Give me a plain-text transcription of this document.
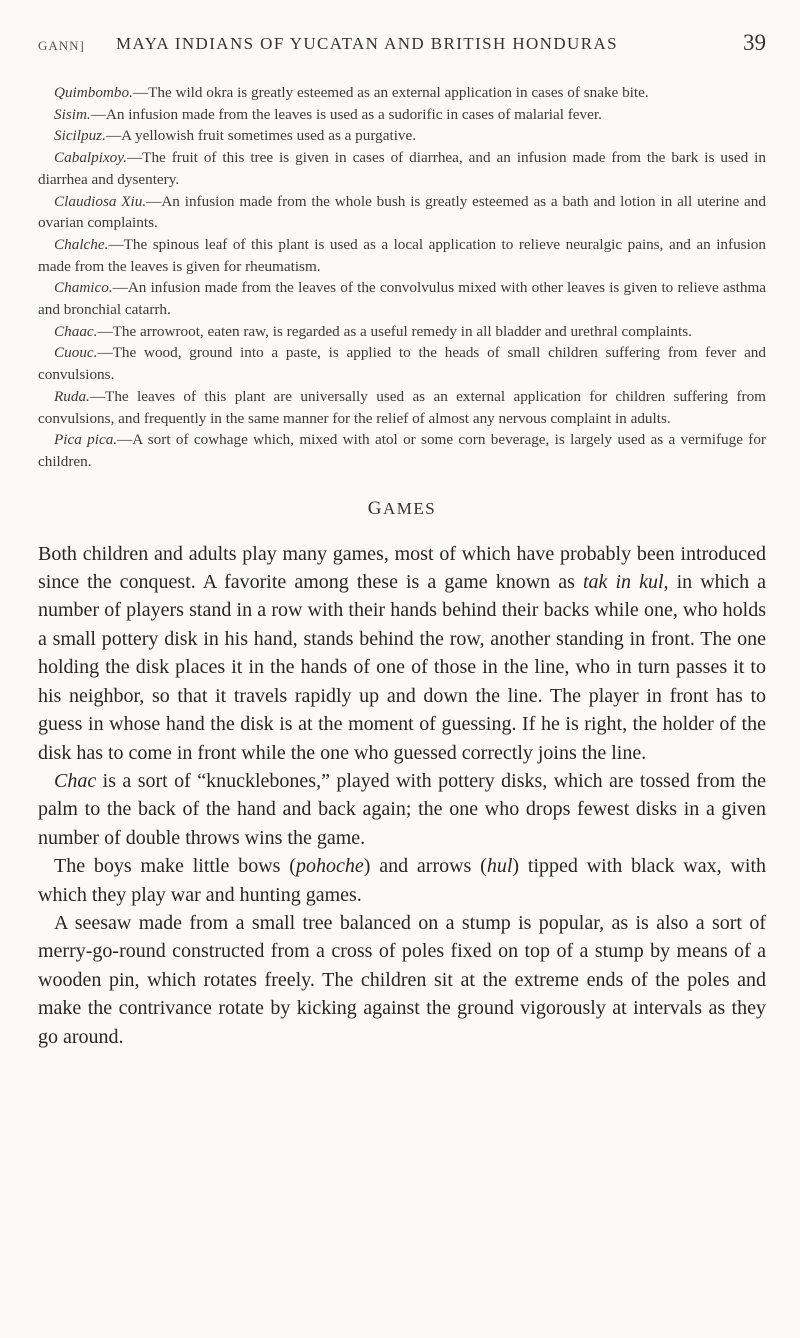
GANN] MAYA INDIANS OF YUCATAN AND BRITISH HONDURAS	39

Quimbombo.—The wild okra is greatly esteemed as an external application in cases of snake bite.

Sisim.—An infusion made from the leaves is used as a sudorific in cases of malarial fever.

Sicilpuz.—A yellowish fruit sometimes used as a purgative.

Cabalpixoy.—The fruit of this tree is given in cases of diarrhea, and an infusion made from the bark is used in diarrhea and dysentery.

Claudiosa Xiu.—An infusion made from the whole bush is greatly esteemed as a bath and lotion in all uterine and ovarian complaints.

Chalche.—The spinous leaf of this plant is used as a local application to relieve neuralgic pains, and an infusion made from the leaves is given for rheumatism.

Chamico.—An infusion made from the leaves of the convolvulus mixed with other leaves is given to relieve asthma and bronchial catarrh.

Chaac.—The arrowroot, eaten raw, is regarded as a useful remedy in all bladder and urethral complaints.

Cuouc.—The wood, ground into a paste, is applied to the heads of small children suffering from fever and convulsions.

Ruda.—The leaves of this plant are universally used as an external application for children suffering from convulsions, and frequently in the same manner for the relief of almost any nervous complaint in adults.

Pica pica.—A sort of cowhage which, mixed with atol or some corn beverage, is largely used as a vermifuge for children.

GAMES

Both children and adults play many games, most of which have probably been introduced since the conquest. A favorite among these is a game known as tak in kul, in which a number of players stand in a row with their hands behind their backs while one, who holds a small pottery disk in his hand, stands behind the row, another standing in front. The one holding the disk places it in the hands of one of those in the line, who in turn passes it to his neighbor, so that it travels rapidly up and down the line. The player in front has to guess in whose hand the disk is at the moment of guessing. If he is right, the holder of the disk has to come in front while the one who guessed correctly joins the line.

Chac is a sort of “knucklebones,” played with pottery disks, which are tossed from the palm to the back of the hand and back again; the one who drops fewest disks in a given number of double throws wins the game.

The boys make little bows (pohoche) and arrows (hul) tipped with black wax, with which they play war and hunting games.

A seesaw made from a small tree balanced on a stump is popular, as is also a sort of merry-go-round constructed from a cross of poles fixed on top of a stump by means of a wooden pin, which rotates freely. The children sit at the extreme ends of the poles and make the contrivance rotate by kicking against the ground vigorously at intervals as they go around.
